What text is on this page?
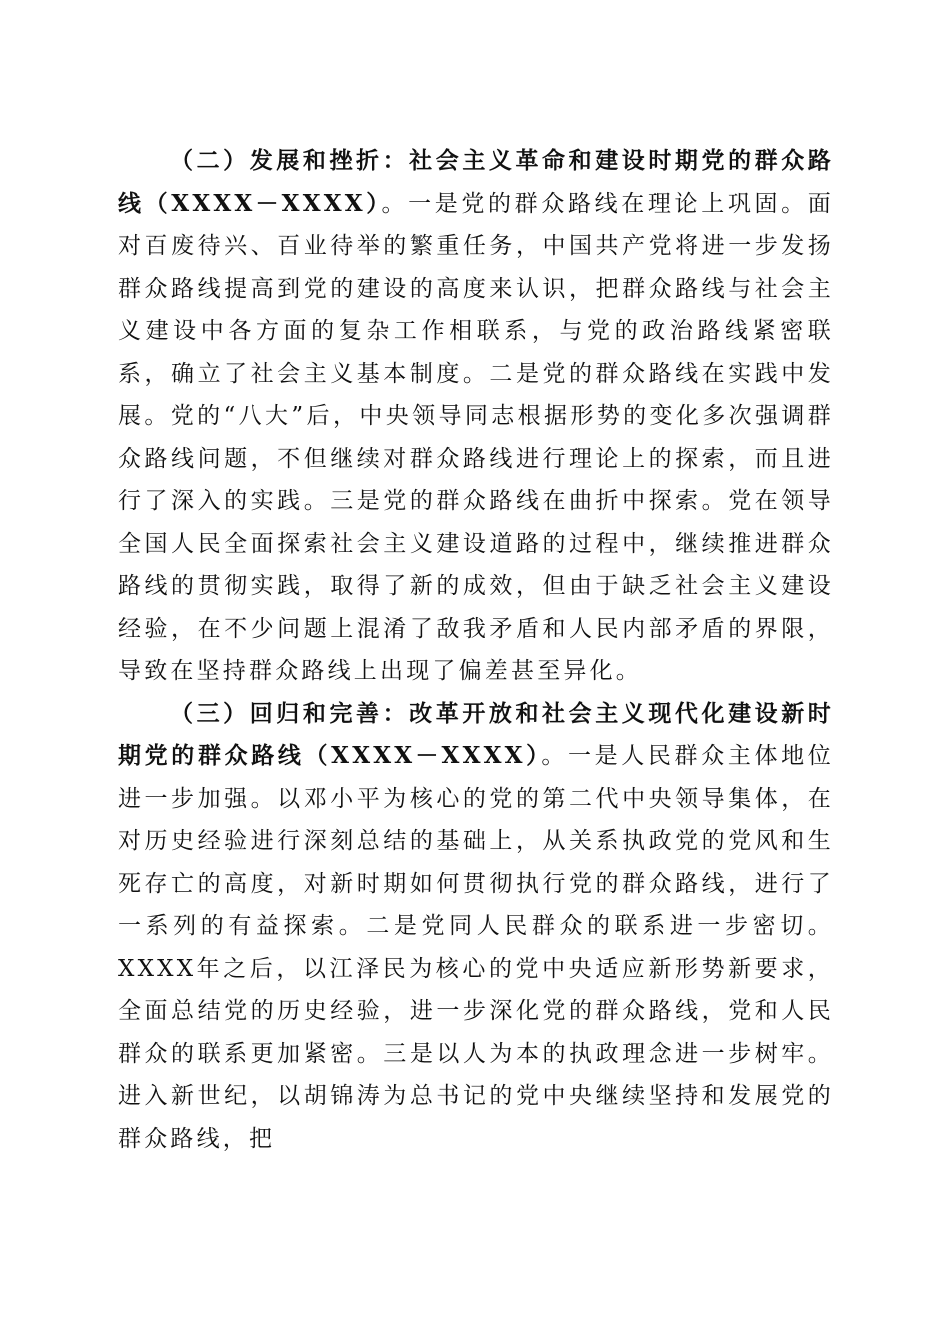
（二）发展和挫折：社会主义革命和建设时期党的群众路线（XXXX－XXXX）。一是党的群众路线在理论上巩固。面对百废待兴、百业待举的繁重任务，中国共产党将进一步发扬群众路线提高到党的建设的高度来认识，把群众路线与社会主义建设中各方面的复杂工作相联系，与党的政治路线紧密联系，确立了社会主义基本制度。二是党的群众路线在实践中发展。党的“八大”后，中央领导同志根据形势的变化多次强调群众路线问题，不但继续对群众路线进行理论上的探索，而且进行了深入的实践。三是党的群众路线在曲折中探索。党在领导全国人民全面探索社会主义建设道路的过程中，继续推进群众路线的贯彻实践，取得了新的成效，但由于缺乏社会主义建设经验，在不少问题上混淆了敌我矛盾和人民内部矛盾的界限，导致在坚持群众路线上出现了偏差甚至异化。

（三）回归和完善：改革开放和社会主义现代化建设新时期党的群众路线（XXXX－XXXX）。一是人民群众主体地位进一步加强。以邓小平为核心的党的第二代中央领导集体，在对历史经验进行深刻总结的基础上，从关系执政党的党风和生死存亡的高度，对新时期如何贯彻执行党的群众路线，进行了一系列的有益探索。二是党同人民群众的联系进一步密切。XXXX年之后，以江泽民为核心的党中央适应新形势新要求，全面总结党的历史经验，进一步深化党的群众路线，党和人民群众的联系更加紧密。三是以人为本的执政理念进一步树牢。进入新世纪，以胡锦涛为总书记的党中央继续坚持和发展党的群众路线，把
